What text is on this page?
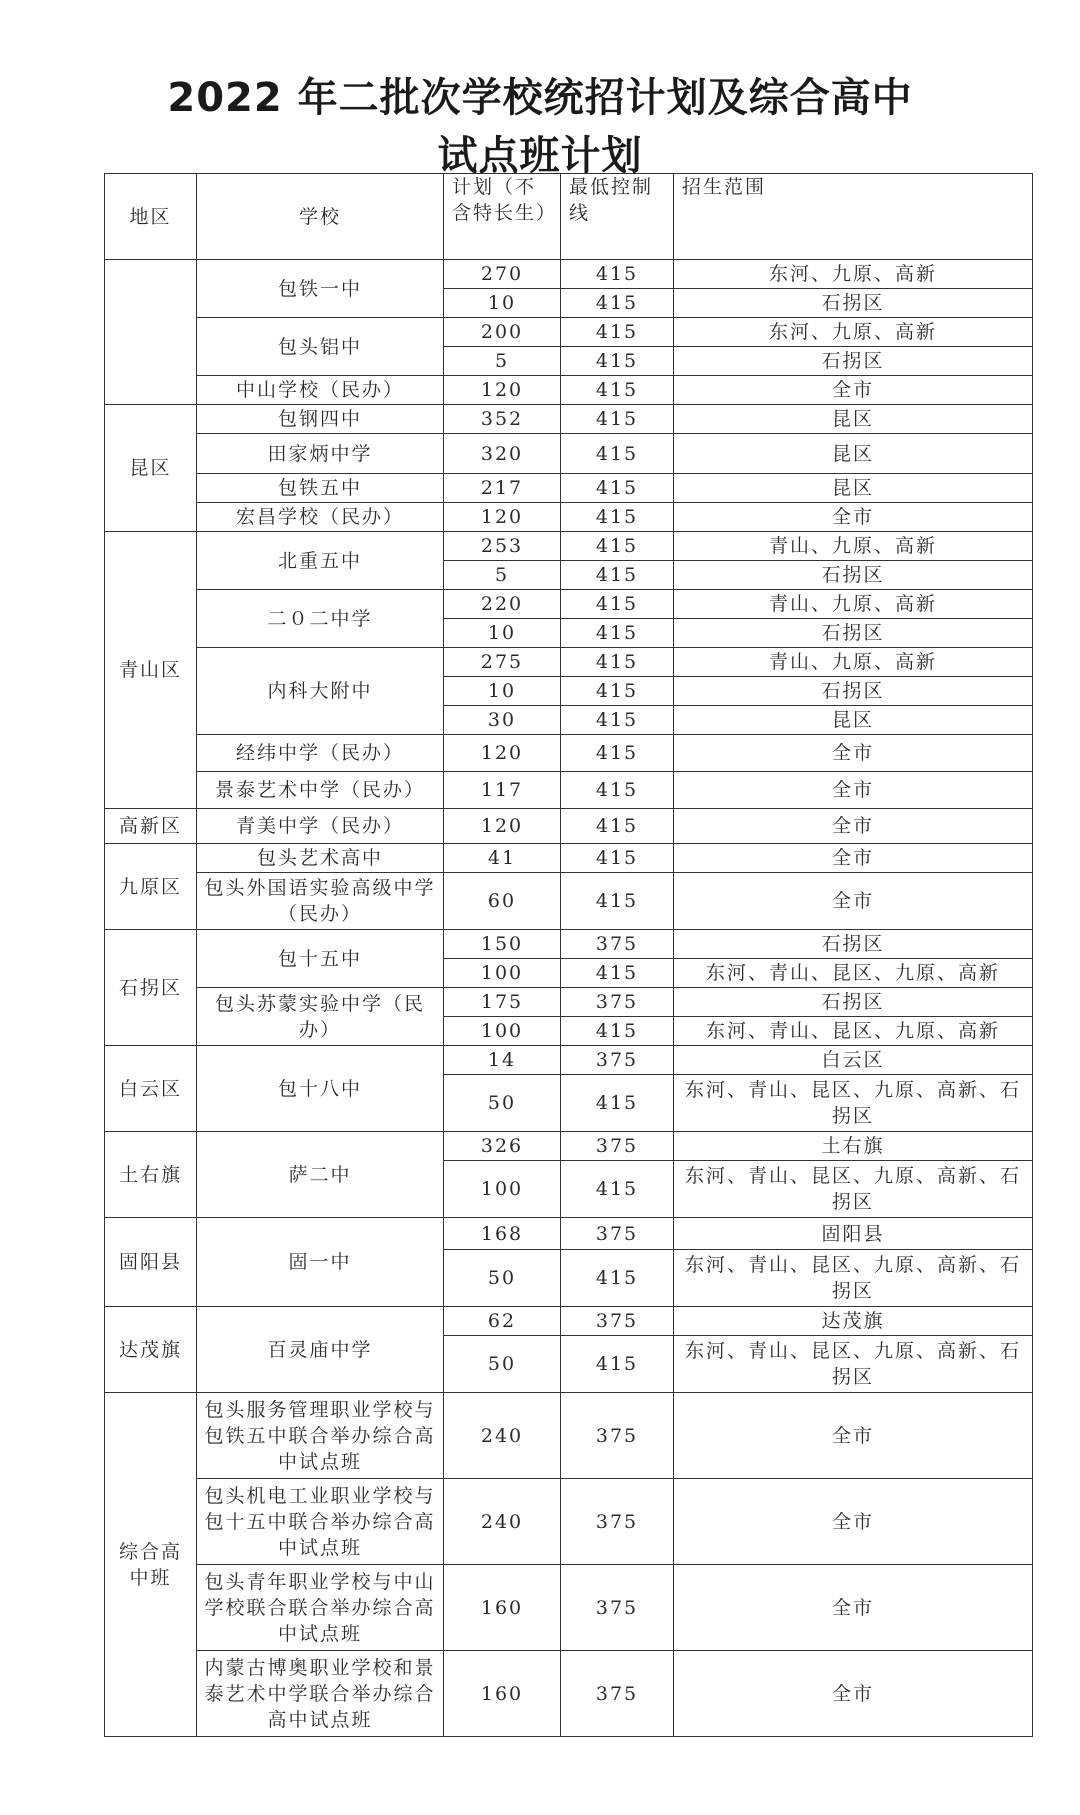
2022 年二批次学校统招计划及综合高中
试点班计划
地区	学校	计划（不含特长生）	最低控制线	招生范围
	包铁一中	270	415	东河、九原、高新
		10	415	石拐区
	包头铝中	200	415	东河、九原、高新
		5	415	石拐区
	中山学校（民办）	120	415	全市
昆区	包钢四中	352	415	昆区
	田家炳中学	320	415	昆区
	包铁五中	217	415	昆区
	宏昌学校（民办）	120	415	全市
青山区	北重五中	253	415	青山、九原、高新
		5	415	石拐区
	二０二中学	220	415	青山、九原、高新
		10	415	石拐区
	内科大附中	275	415	青山、九原、高新
		10	415	石拐区
		30	415	昆区
	经纬中学（民办）	120	415	全市
	景泰艺术中学（民办）	117	415	全市
高新区	青美中学（民办）	120	415	全市
九原区	包头艺术高中	41	415	全市
	包头外国语实验高级中学（民办）	60	415	全市
石拐区	包十五中	150	375	石拐区
		100	415	东河、青山、昆区、九原、高新
	包头苏蒙实验中学（民办）	175	375	石拐区
		100	415	东河、青山、昆区、九原、高新
白云区	包十八中	14	375	白云区
		50	415	东河、青山、昆区、九原、高新、石拐区
土右旗	萨二中	326	375	土右旗
		100	415	东河、青山、昆区、九原、高新、石拐区
固阳县	固一中	168	375	固阳县
		50	415	东河、青山、昆区、九原、高新、石拐区
达茂旗	百灵庙中学	62	375	达茂旗
		50	415	东河、青山、昆区、九原、高新、石拐区
综合高中班	包头服务管理职业学校与包铁五中联合举办综合高中试点班	240	375	全市
	包头机电工业职业学校与包十五中联合举办综合高中试点班	240	375	全市
	包头青年职业学校与中山学校联合联合举办综合高中试点班	160	375	全市
	内蒙古博奥职业学校和景泰艺术中学联合举办综合高中试点班	160	375	全市
